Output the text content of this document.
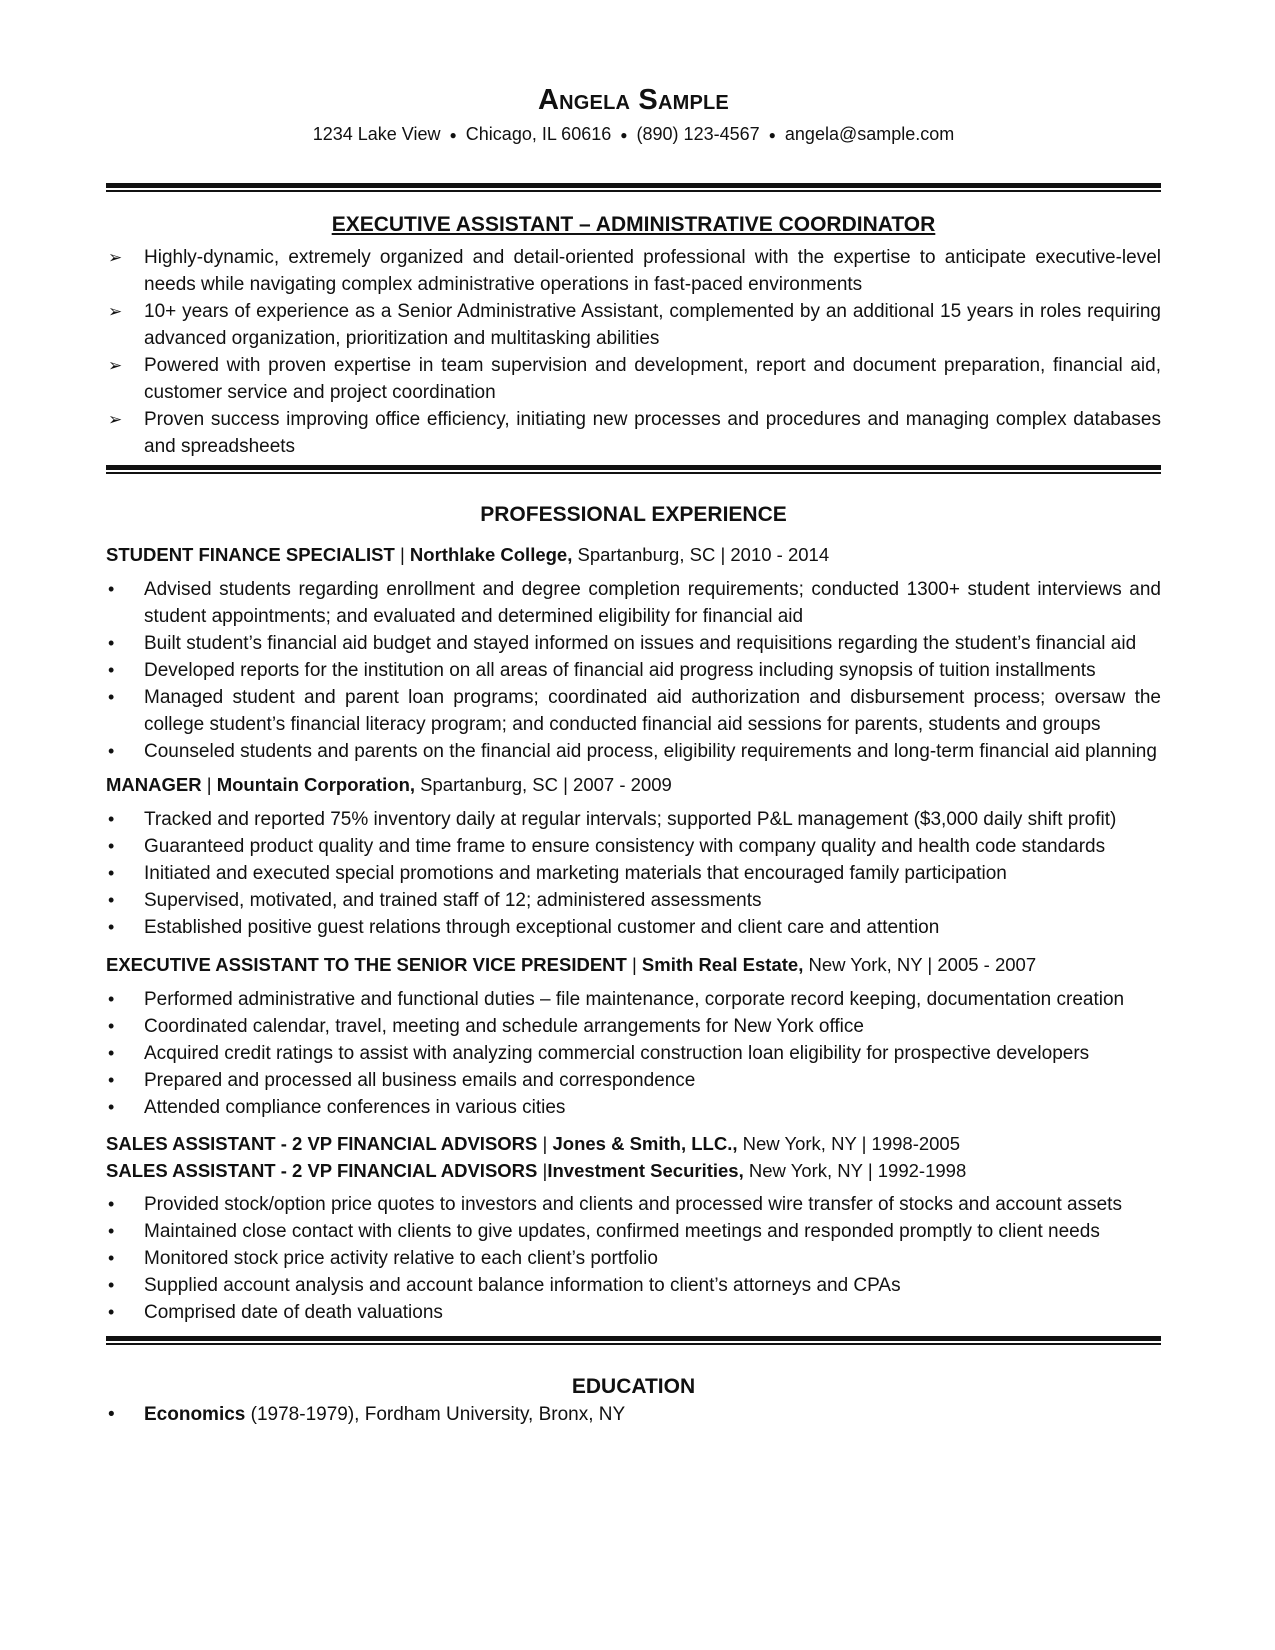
Angela Sample
1234 Lake View ● Chicago, IL 60616 ● (890) 123-4567 ● angela@sample.com
EXECUTIVE ASSISTANT – ADMINISTRATIVE COORDINATOR
➢ Highly-dynamic, extremely organized and detail-oriented professional with the expertise to anticipate executive-level needs while navigating complex administrative operations in fast-paced environments
➢ 10+ years of experience as a Senior Administrative Assistant, complemented by an additional 15 years in roles requiring advanced organization, prioritization and multitasking abilities
➢ Powered with proven expertise in team supervision and development, report and document preparation, financial aid, customer service and project coordination
➢ Proven success improving office efficiency, initiating new processes and procedures and managing complex databases and spreadsheets
PROFESSIONAL EXPERIENCE
STUDENT FINANCE SPECIALIST | Northlake College, Spartanburg, SC | 2010 - 2014
• Advised students regarding enrollment and degree completion requirements; conducted 1300+ student interviews and student appointments; and evaluated and determined eligibility for financial aid
• Built student’s financial aid budget and stayed informed on issues and requisitions regarding the student’s financial aid
• Developed reports for the institution on all areas of financial aid progress including synopsis of tuition installments
• Managed student and parent loan programs; coordinated aid authorization and disbursement process; oversaw the college student’s financial literacy program; and conducted financial aid sessions for parents, students and groups
• Counseled students and parents on the financial aid process, eligibility requirements and long-term financial aid planning
MANAGER | Mountain Corporation, Spartanburg, SC | 2007 - 2009
• Tracked and reported 75% inventory daily at regular intervals; supported P&L management ($3,000 daily shift profit)
• Guaranteed product quality and time frame to ensure consistency with company quality and health code standards
• Initiated and executed special promotions and marketing materials that encouraged family participation
• Supervised, motivated, and trained staff of 12; administered assessments
• Established positive guest relations through exceptional customer and client care and attention
EXECUTIVE ASSISTANT TO THE SENIOR VICE PRESIDENT | Smith Real Estate, New York, NY | 2005 - 2007
• Performed administrative and functional duties – file maintenance, corporate record keeping, documentation creation
• Coordinated calendar, travel, meeting and schedule arrangements for New York office
• Acquired credit ratings to assist with analyzing commercial construction loan eligibility for prospective developers
• Prepared and processed all business emails and correspondence
• Attended compliance conferences in various cities
SALES ASSISTANT - 2 VP FINANCIAL ADVISORS | Jones & Smith, LLC., New York, NY | 1998-2005
SALES ASSISTANT - 2 VP FINANCIAL ADVISORS |Investment Securities, New York, NY | 1992-1998
• Provided stock/option price quotes to investors and clients and processed wire transfer of stocks and account assets
• Maintained close contact with clients to give updates, confirmed meetings and responded promptly to client needs
• Monitored stock price activity relative to each client’s portfolio
• Supplied account analysis and account balance information to client’s attorneys and CPAs
• Comprised date of death valuations
EDUCATION
• Economics (1978-1979), Fordham University, Bronx, NY
